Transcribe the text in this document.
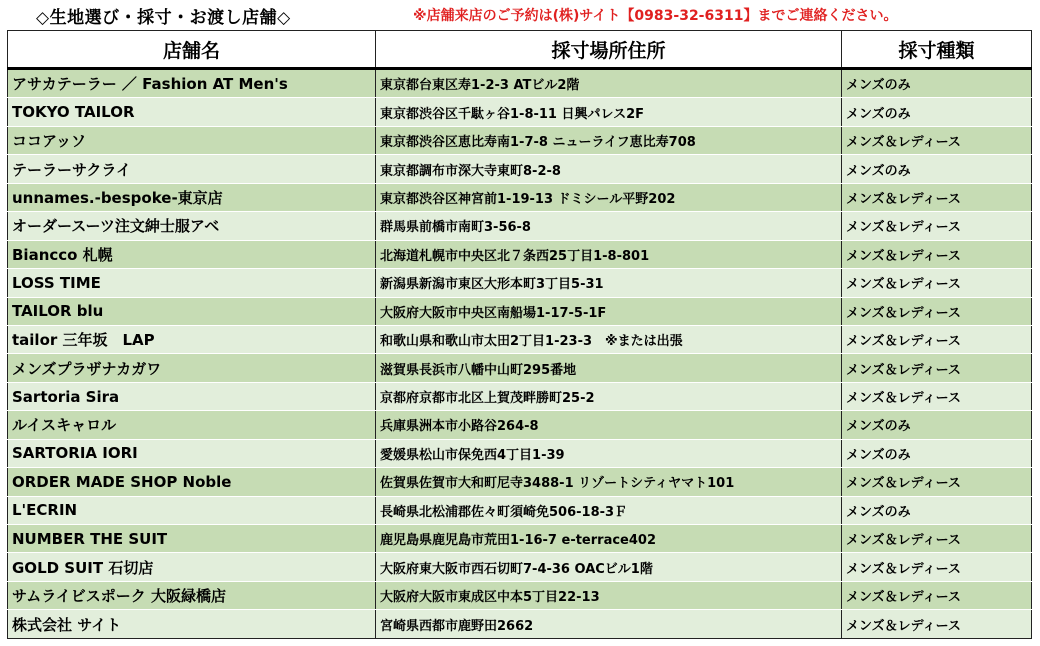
◇生地選び・採寸・お渡し店舗◇	※店舗来店のご予約は(株)サイト【0983-32-6311】までご連絡ください。
店舗名	採寸場所住所	採寸種類
アサカテーラー ／ Fashion AT Men's	東京都台東区寿1-2-3 ATビル2階	メンズのみ
TOKYO TAILOR	東京都渋谷区千駄ヶ谷1-8-11 日興パレス2F	メンズのみ
ココアッソ	東京都渋谷区恵比寿南1-7-8 ニューライフ恵比寿708	メンズ＆レディース
テーラーサクライ	東京都調布市深大寺東町8-2-8	メンズのみ
unnames.-bespoke-東京店	東京都渋谷区神宮前1-19-13 ドミシール平野202	メンズ＆レディース
オーダースーツ注文紳士服アベ	群馬県前橋市南町3-56-8	メンズ＆レディース
Biancco 札幌	北海道札幌市中央区北７条西25丁目1-8-801	メンズ＆レディース
LOSS TIME	新潟県新潟市東区大形本町3丁目5-31	メンズ＆レディース
TAILOR blu	大阪府大阪市中央区南船場1-17-5-1F	メンズ＆レディース
tailor 三年坂　LAP	和歌山県和歌山市太田2丁目1-23-3　※または出張	メンズ＆レディース
メンズプラザナカガワ	滋賀県長浜市八幡中山町295番地	メンズ＆レディース
Sartoria Sira	京都府京都市北区上賀茂畔勝町25-2	メンズ＆レディース
ルイスキャロル	兵庫県洲本市小路谷264-8	メンズのみ
SARTORIA IORI	愛媛県松山市保免西4丁目1-39	メンズのみ
ORDER MADE SHOP Noble	佐賀県佐賀市大和町尼寺3488-1 リゾートシティヤマト101	メンズ＆レディース
L'ECRIN	長崎県北松浦郡佐々町須崎免506-18-3Ｆ	メンズのみ
NUMBER THE SUIT	鹿児島県鹿児島市荒田1-16-7 e-terrace402	メンズ＆レディース
GOLD SUIT 石切店	大阪府東大阪市西石切町7-4-36 OACビル1階	メンズ＆レディース
サムライビスポーク 大阪緑橋店	大阪府大阪市東成区中本5丁目22-13	メンズ＆レディース
株式会社 サイト	宮崎県西都市鹿野田2662	メンズ＆レディース
